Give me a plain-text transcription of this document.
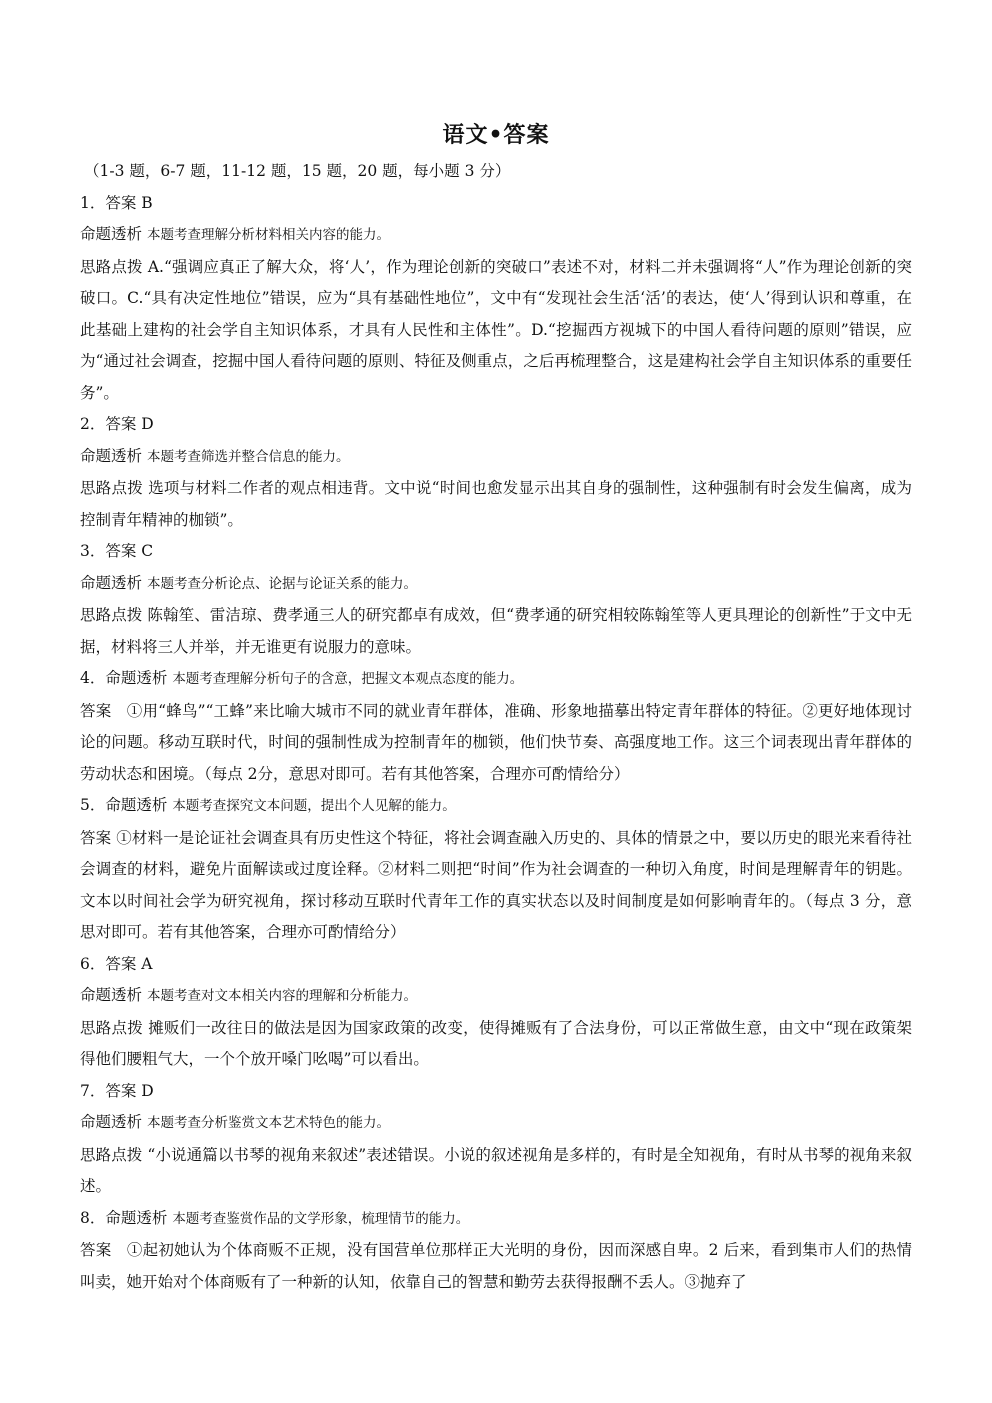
语文•答案

（1-3 题，6-7 题，11-12 题，15 题，20 题，每小题 3 分）

1．答案 B

命题透析 本题考查理解分析材料相关内容的能力。

思路点拨 A.“强调应真正了解大众，将‘人’，作为理论创新的突破口”表述不对，材料二并未强调将“人”作为理论创新的突破口。C.“具有决定性地位”错误，应为“具有基础性地位”，文中有“发现社会生活‘活’的表达，使‘人’得到认识和尊重，在此基础上建构的社会学自主知识体系，才具有人民性和主体性”。D.“挖掘西方视城下的中国人看待问题的原则”错误，应为“通过社会调查，挖掘中国人看待问题的原则、特征及侧重点，之后再梳理整合，这是建构社会学自主知识体系的重要任务”。

2．答案 D

命题透析 本题考查筛选并整合信息的能力。

思路点拨 选项与材料二作者的观点相违背。文中说“时间也愈发显示出其自身的强制性，这种强制有时会发生偏离，成为控制青年精神的枷锁”。

3．答案 C

命题透析 本题考查分析论点、论据与论证关系的能力。

思路点拨 陈翰笙、雷洁琼、费孝通三人的研究都卓有成效，但“费孝通的研究相较陈翰笙等人更具理论的创新性”于文中无据，材料将三人并举，并无谁更有说服力的意味。

4．命题透析 本题考查理解分析句子的含意，把握文本观点态度的能力。

答案 ①用“蜂鸟”“工蜂”来比喻大城市不同的就业青年群体，准确、形象地描摹出特定青年群体的特征。②更好地体现讨论的问题。移动互联时代，时间的强制性成为控制青年的枷锁，他们快节奏、高强度地工作。这三个词表现出青年群体的劳动状态和困境。（每点 2分，意思对即可。若有其他答案，合理亦可酌情给分）

5．命题透析 本题考查探究文本问题，提出个人见解的能力。

答案 ①材料一是论证社会调查具有历史性这个特征，将社会调查融入历史的、具体的情景之中，要以历史的眼光来看待社会调查的材料，避免片面解读或过度诠释。②材料二则把“时间”作为社会调查的一种切入角度，时间是理解青年的钥匙。文本以时间社会学为研究视角，探讨移动互联时代青年工作的真实状态以及时间制度是如何影响青年的。（每点 3 分，意思对即可。若有其他答案，合理亦可酌情给分）

6．答案 A

命题透析 本题考查对文本相关内容的理解和分析能力。

思路点拨 摊贩们一改往日的做法是因为国家政策的改变，使得摊贩有了合法身份，可以正常做生意，由文中“现在政策架得他们腰粗气大，一个个放开嗓门吆喝”可以看出。

7．答案 D

命题透析 本题考查分析鉴赏文本艺术特色的能力。

思路点拨 “小说通篇以书琴的视角来叙述”表述错误。小说的叙述视角是多样的，有时是全知视角，有时从书琴的视角来叙述。

8．命题透析 本题考查鉴赏作品的文学形象，梳理情节的能力。

答案 ①起初她认为个体商贩不正规，没有国营单位那样正大光明的身份，因而深感自卑。2 后来，看到集市人们的热情叫卖，她开始对个体商贩有了一种新的认知，依靠自己的智慧和勤劳去获得报酬不丢人。③抛弃了
